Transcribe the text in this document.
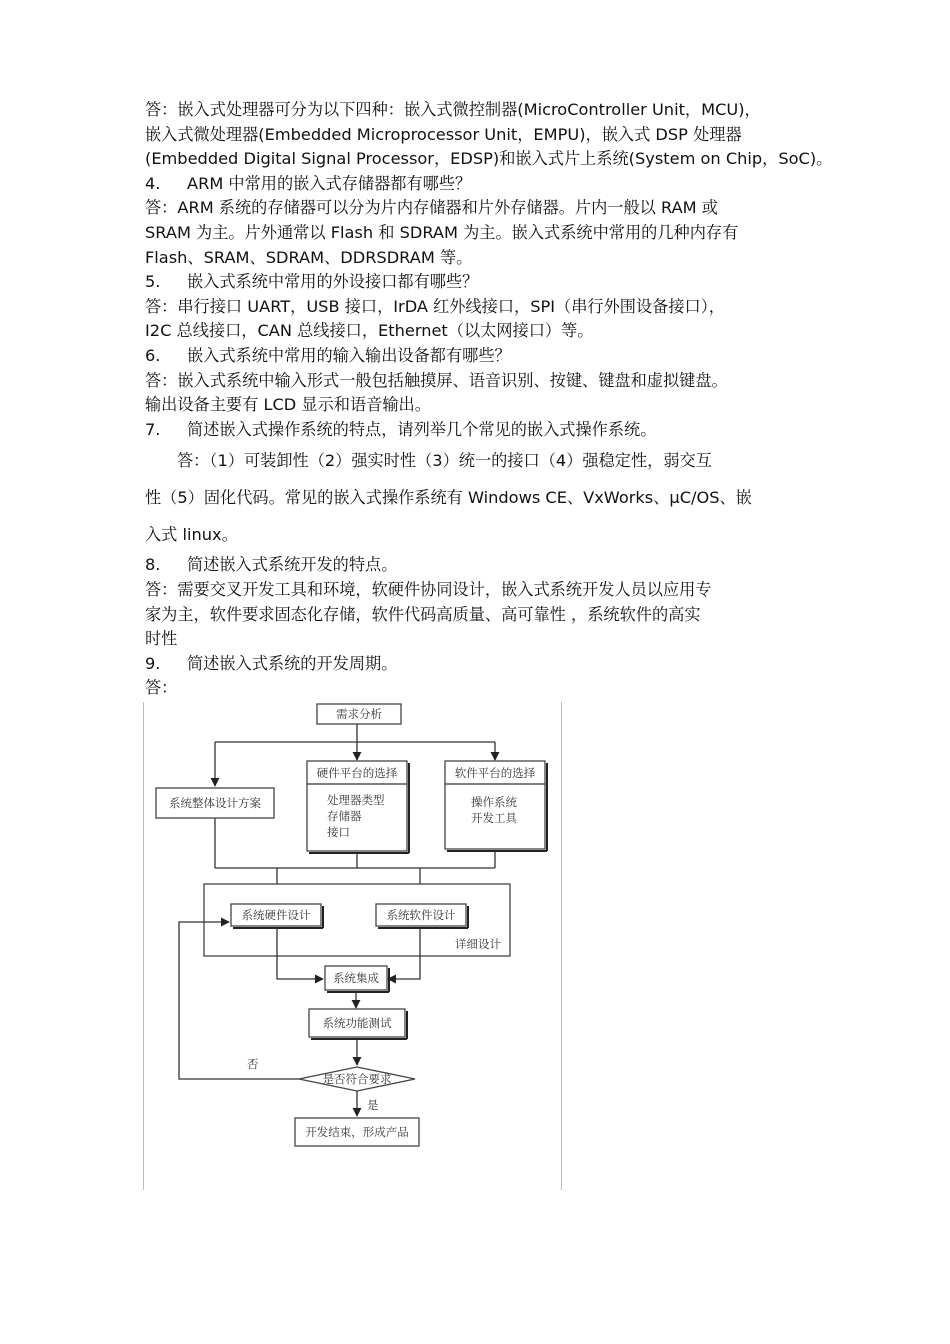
答：嵌入式处理器可分为以下四种：嵌入式微控制器(MicroController Unit，MCU)，

嵌入式微处理器(Embedded Microprocessor Unit，EMPU)，嵌入式 DSP 处理器

(Embedded Digital Signal Processor，EDSP)和嵌入式片上系统(System on Chip，SoC)。

4. ARM 中常用的嵌入式存储器都有哪些？

答：ARM 系统的存储器可以分为片内存储器和片外存储器。片内一般以 RAM 或

SRAM 为主。片外通常以 Flash 和 SDRAM 为主。嵌入式系统中常用的几种内存有

Flash、SRAM、SDRAM、DDRSDRAM 等。

5. 嵌入式系统中常用的外设接口都有哪些？

答：串行接口 UART，USB 接口，IrDA 红外线接口，SPI（串行外围设备接口），

I2C 总线接口，CAN 总线接口，Ethernet（以太网接口）等。

6. 嵌入式系统中常用的输入输出设备都有哪些？

答：嵌入式系统中输入形式一般包括触摸屏、语音识别、按键、键盘和虚拟键盘。

输出设备主要有 LCD 显示和语音输出。

7. 简述嵌入式操作系统的特点，请列举几个常见的嵌入式操作系统。

答：（1）可装卸性（2）强实时性（3）统一的接口（4）强稳定性，弱交互

性（5）固化代码。常见的嵌入式操作系统有 Windows CE、VxWorks、μC/OS、嵌

入式 linux。

8. 简述嵌入式系统开发的特点。

答：需要交叉开发工具和环境，软硬件协同设计，嵌入式系统开发人员以应用专

家为主，软件要求固态化存储，软件代码高质量、高可靠性 ，系统软件的高实

时性

9. 简述嵌入式系统的开发周期。

答：

需求分析
系统整体设计方案
硬件平台的选择
处理器类型
存储器
接口
软件平台的选择
操作系统
开发工具
详细设计
系统硬件设计	系统软件设计
系统集成
系统功能测试
是否符合要求
否
是
开发结束，形成产品
